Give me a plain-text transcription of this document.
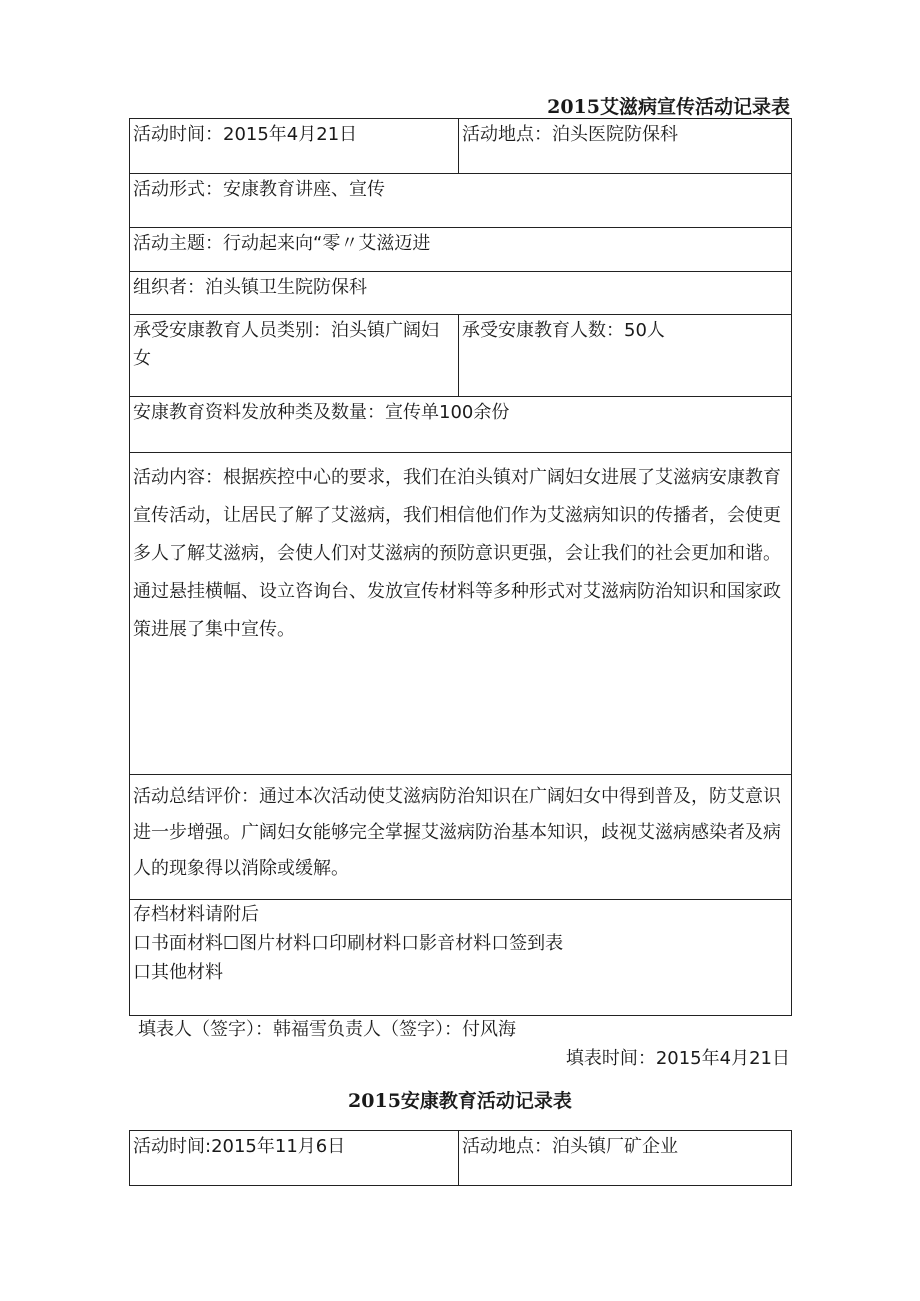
2015艾滋病宣传活动记录表
活动时间：2015年4月21日	活动地点：泊头医院防保科
活动形式：安康教育讲座、宣传	
活动主题：行动起来向“零〃艾滋迈进	
组织者：泊头镇卫生院防保科	
承受安康教育人员类别：泊头镇广阔妇女	承受安康教育人数：50人
安康教育资料发放种类及数量：宣传单100余份	
活动内容：根据疾控中心的要求，我们在泊头镇对广阔妇女进展了艾滋病安康教育宣传活动，让居民了解了艾滋病，我们相信他们作为艾滋病知识的传播者，会使更多人了解艾滋病，会使人们对艾滋病的预防意识更强，会让我们的社会更加和谐。通过悬挂横幅、设立咨询台、发放宣传材料等多种形式对艾滋病防治知识和国家政策进展了集中宣传。	
活动总结评价：通过本次活动使艾滋病防治知识在广阔妇女中得到普及，防艾意识进一步增强。广阔妇女能够完全掌握艾滋病防治基本知识，歧视艾滋病感染者及病人的现象得以消除或缓解。	

存档材料请附后
口书面材料☐图片材料口印刷材料口影音材料口签到表
口其他材料	
填表人（签字）：韩福雪负责人（签字）：付风海
填表时间：2015年4月21日
2015安康教育活动记录表
活动时间:2015年11月6日	活动地点：泊头镇厂矿企业
